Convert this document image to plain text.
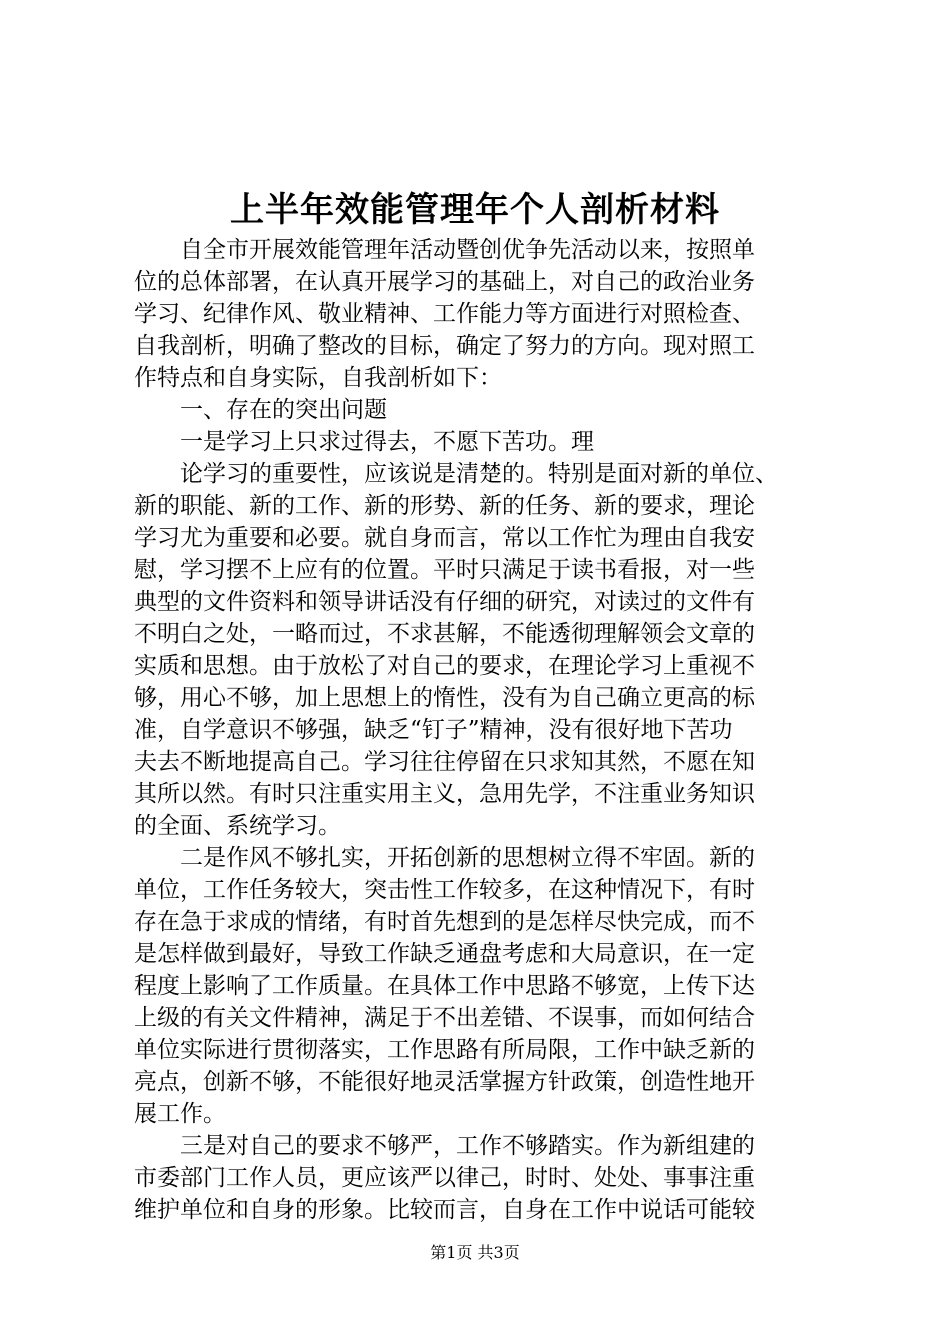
上半年效能管理年个人剖析材料
自全市开展效能管理年活动暨创优争先活动以来，按照单
位的总体部署，在认真开展学习的基础上，对自己的政治业务
学习、纪律作风、敬业精神、工作能力等方面进行对照检查、
自我剖析，明确了整改的目标，确定了努力的方向。现对照工
作特点和自身实际，自我剖析如下：
一、存在的突出问题
一是学习上只求过得去，不愿下苦功。理
论学习的重要性，应该说是清楚的。特别是面对新的单位、
新的职能、新的工作、新的形势、新的任务、新的要求，理论
学习尤为重要和必要。就自身而言，常以工作忙为理由自我安
慰，学习摆不上应有的位置。平时只满足于读书看报，对一些
典型的文件资料和领导讲话没有仔细的研究，对读过的文件有
不明白之处，一略而过，不求甚解，不能透彻理解领会文章的
实质和思想。由于放松了对自己的要求，在理论学习上重视不
够，用心不够，加上思想上的惰性，没有为自己确立更高的标
准，自学意识不够强，缺乏“钉子”精神，没有很好地下苦功
夫去不断地提高自己。学习往往停留在只求知其然，不愿在知
其所以然。有时只注重实用主义，急用先学，不注重业务知识
的全面、系统学习。
二是作风不够扎实，开拓创新的思想树立得不牢固。新的
单位，工作任务较大，突击性工作较多，在这种情况下，有时
存在急于求成的情绪，有时首先想到的是怎样尽快完成，而不
是怎样做到最好，导致工作缺乏通盘考虑和大局意识，在一定
程度上影响了工作质量。在具体工作中思路不够宽，上传下达
上级的有关文件精神，满足于不出差错、不误事，而如何结合
单位实际进行贯彻落实，工作思路有所局限，工作中缺乏新的
亮点，创新不够，不能很好地灵活掌握方针政策，创造性地开
展工作。
三是对自己的要求不够严，工作不够踏实。作为新组建的
市委部门工作人员，更应该严以律己，时时、处处、事事注重
维护单位和自身的形象。比较而言，自身在工作中说话可能较
第1页 共3页
